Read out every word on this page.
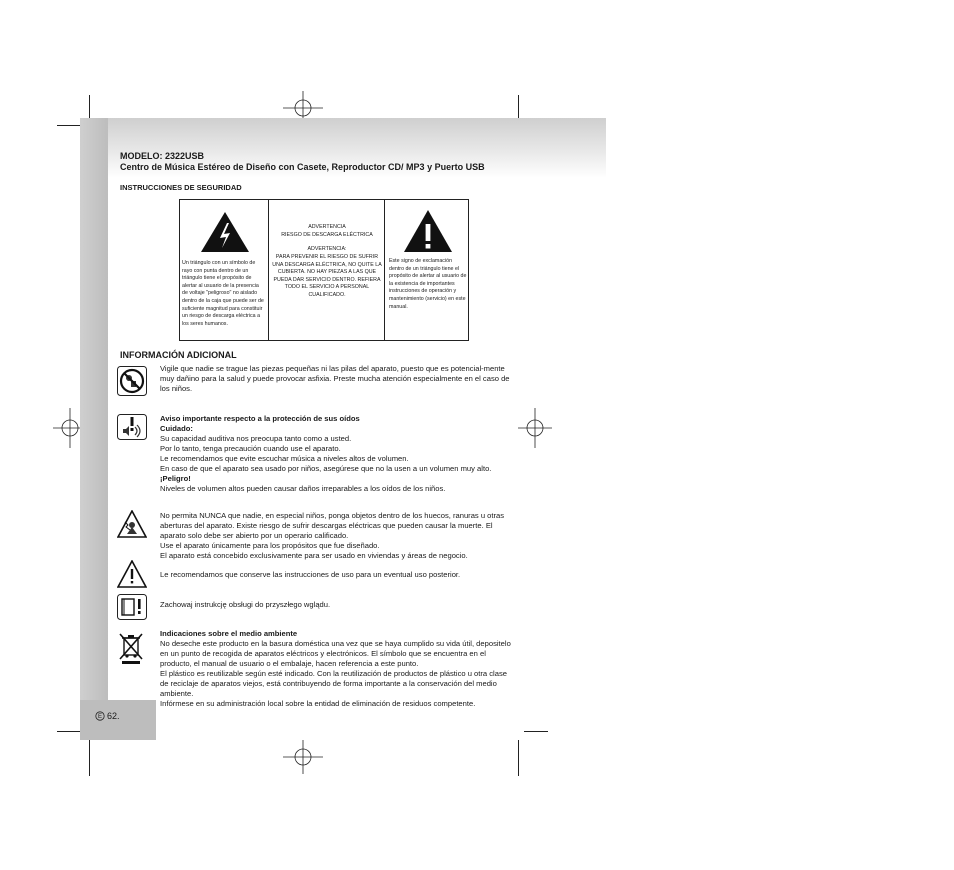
E 62.
MODELO: 2322USB
Centro de Música Estéreo de Diseño con Casete, Reproductor CD/ MP3 y Puerto USB
INSTRUCCIONES DE SEGURIDAD
Un triángulo con un símbolo de rayo con punta dentro de un triángulo tiene el propósito de alertar al usuario de la presencia de voltaje "peligroso" no aislado dentro de la caja que puede ser de suficiente magnitud para constituir un riesgo de descarga eléctrica a los seres humanos.
ADVERTENCIA
RIESGO DE DESCARGA ELÉCTRICA
ADVERTENCIA:
PARA PREVENIR EL RIESGO DE SUFRIR UNA DESCARGA ELÉCTRICA, NO QUITE LA CUBIERTA. NO HAY PIEZAS A LAS QUE PUEDA DAR SERVICIO DENTRO. REFIERA TODO EL SERVICIO A PERSONAL CUALIFICADO.
Este signo de exclamación dentro de un triángulo tiene el propósito de alertar al usuario de la existencia de importantes instrucciones de operación y mantenimiento (servicio) en este manual.
INFORMACIÓN ADICIONAL
Vigile que nadie se trague las piezas pequeñas ni las pilas del aparato, puesto que es potencial-mente muy dañino para la salud y puede provocar asfixia. Preste mucha atención especialmente en el caso de los niños.
Aviso importante respecto a la protección de sus oídos
Cuidado:
Su capacidad auditiva nos preocupa tanto como a usted.
Por lo tanto, tenga precaución cuando use el aparato.
Le recomendamos que evite escuchar música a niveles altos de volumen.
En caso de que el aparato sea usado por niños, asegúrese que no la usen a un volumen muy alto.
¡Peligro!
Niveles de volumen altos pueden causar daños irreparables a los oídos de los niños.
No permita NUNCA que nadie, en especial niños, ponga objetos dentro de los huecos, ranuras u otras aberturas del aparato. Existe riesgo de sufrir descargas eléctricas que pueden causar la muerte. El aparato solo debe ser abierto por un operario calificado.
Use el aparato únicamente para los propósitos que fue diseñado.
El aparato está concebido exclusivamente para ser usado en viviendas y áreas de negocio.
Le recomendamos que conserve las instrucciones de uso para un eventual uso posterior.
Zachowaj instrukcję obsługi do przyszłego wglądu.
Indicaciones sobre el medio ambiente
No deseche este producto en la basura doméstica una vez que se haya cumplido su vida útil, depositelo en un punto de recogida de aparatos eléctricos y electrónicos. El símbolo que se encuentra en el producto, el manual de usuario o el embalaje, hacen referencia a este punto.
El plástico es reutilizable según esté indicado. Con la reutilización de productos de plástico u otra clase de reciclaje de aparatos viejos, está contribuyendo de forma importante a la conservación del medio ambiente.
Infórmese en su administración local sobre la entidad de eliminación de residuos competente.
